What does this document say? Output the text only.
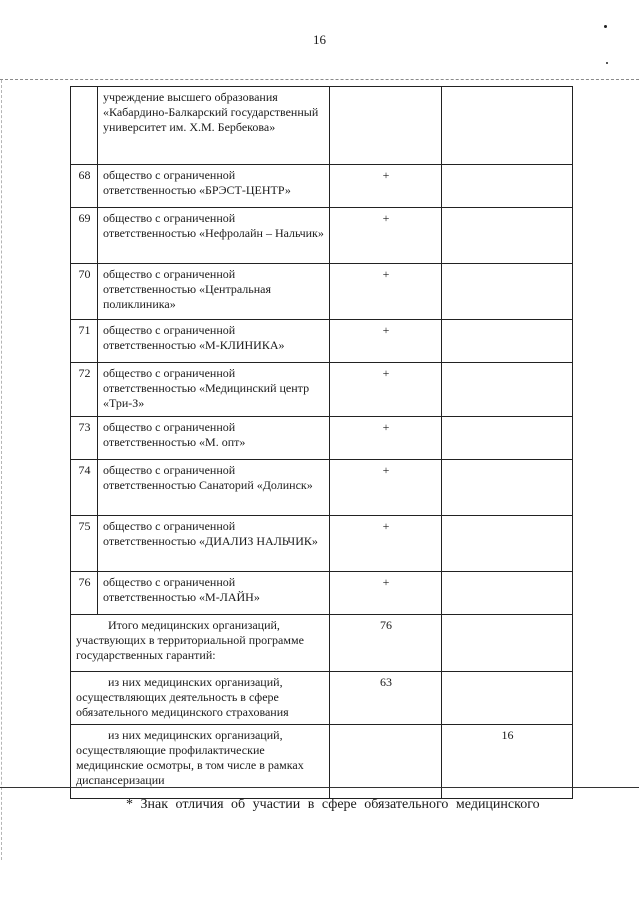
16
	учреждение высшего образования «Кабардино-Балкарский государственный университет им. Х.М. Бербекова»		
68	общество с ограниченной ответственностью «БРЭСТ-ЦЕНТР»	+	
69	общество с ограниченной ответственностью «Нефролайн – Нальчик»	+	
70	общество с ограниченной ответственностью «Центральная поликлиника»	+	
71	общество с ограниченной ответственностью «М-КЛИНИКА»	+	
72	общество с ограниченной ответственностью «Медицинский центр «Три-З»	+	
73	общество с ограниченной ответственностью «М. опт»	+	
74	общество с ограниченной ответственностью Санаторий «Долинск»	+	
75	общество с ограниченной ответственностью «ДИАЛИЗ НАЛЬЧИК»	+	
76	общество с ограниченной ответственностью «М-ЛАЙН»	+	
Итого медицинских организаций, участвующих в территориальной программе государственных гарантий:		76	
из них медицинских организаций, осуществляющих деятельность в сфере обязательного медицинского страхования		63	
из них медицинских организаций, осуществляющие профилактические медицинские осмотры, в том числе в рамках диспансеризации			16
* Знак отличия об участии в сфере обязательного медицинского
